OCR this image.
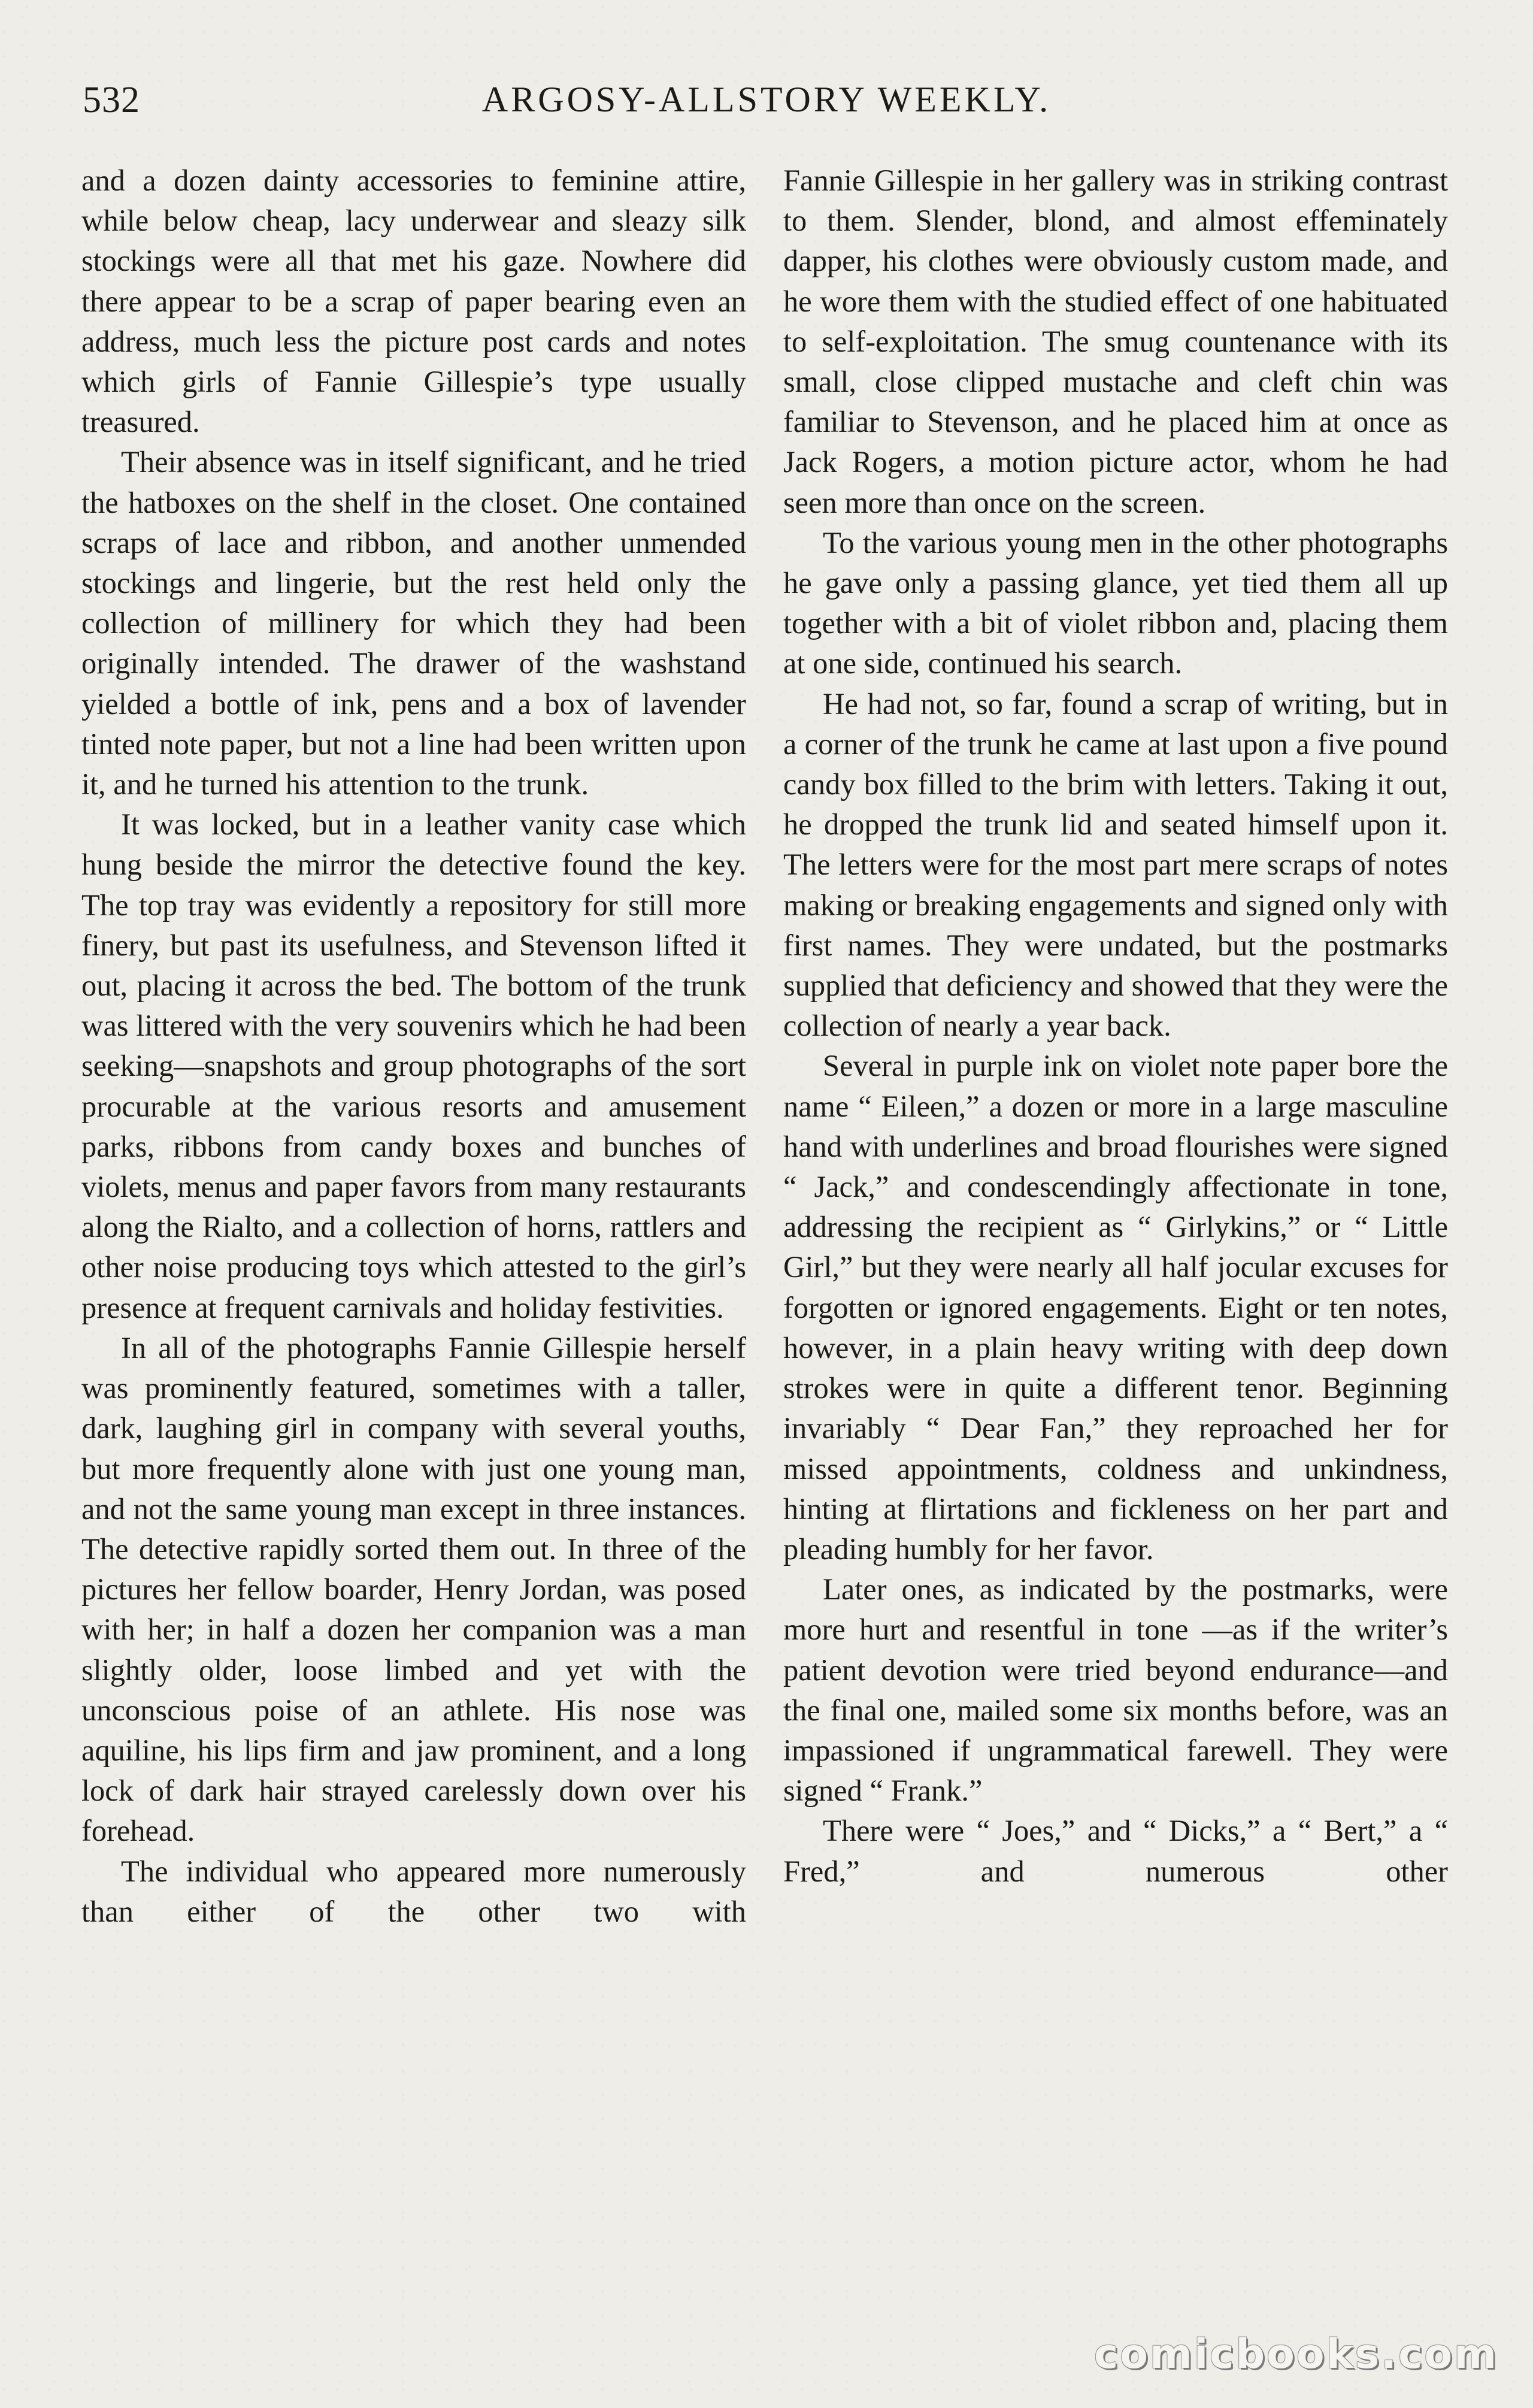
532	ARGOSY-ALLSTORY WEEKLY.

and a dozen dainty accessories to feminine attire, while below cheap, lacy underwear and sleazy silk stockings were all that met his gaze. Nowhere did there appear to be a scrap of paper bearing even an address, much less the picture post cards and notes which girls of Fannie Gillespie’s type usually treasured.

Their absence was in itself significant, and he tried the hatboxes on the shelf in the closet. One contained scraps of lace and ribbon, and another unmended stockings and lingerie, but the rest held only the collection of millinery for which they had been originally intended. The drawer of the washstand yielded a bottle of ink, pens and a box of lavender tinted note paper, but not a line had been written upon it, and he turned his attention to the trunk.

It was locked, but in a leather vanity case which hung beside the mirror the detective found the key. The top tray was evidently a repository for still more finery, but past its usefulness, and Stevenson lifted it out, placing it across the bed. The bottom of the trunk was littered with the very souvenirs which he had been seeking—snapshots and group photographs of the sort procurable at the various resorts and amusement parks, ribbons from candy boxes and bunches of violets, menus and paper favors from many restaurants along the Rialto, and a collection of horns, rattlers and other noise producing toys which attested to the girl’s presence at frequent carnivals and holiday festivities.

In all of the photographs Fannie Gillespie herself was prominently featured, sometimes with a taller, dark, laughing girl in company with several youths, but more frequently alone with just one young man, and not the same young man except in three instances. The detective rapidly sorted them out. In three of the pictures her fellow boarder, Henry Jordan, was posed with her; in half a dozen her companion was a man slightly older, loose limbed and yet with the unconscious poise of an athlete. His nose was aquiline, his lips firm and jaw prominent, and a long lock of dark hair strayed carelessly down over his forehead.

The individual who appeared more numerously than either of the other two with

Fannie Gillespie in her gallery was in striking contrast to them. Slender, blond, and almost effeminately dapper, his clothes were obviously custom made, and he wore them with the studied effect of one habituated to self-exploitation. The smug countenance with its small, close clipped mustache and cleft chin was familiar to Stevenson, and he placed him at once as Jack Rogers, a motion picture actor, whom he had seen more than once on the screen.

To the various young men in the other photographs he gave only a passing glance, yet tied them all up together with a bit of violet ribbon and, placing them at one side, continued his search.

He had not, so far, found a scrap of writing, but in a corner of the trunk he came at last upon a five pound candy box filled to the brim with letters. Taking it out, he dropped the trunk lid and seated himself upon it. The letters were for the most part mere scraps of notes making or breaking engagements and signed only with first names. They were undated, but the postmarks supplied that deficiency and showed that they were the collection of nearly a year back.

Several in purple ink on violet note paper bore the name “ Eileen,” a dozen or more in a large masculine hand with underlines and broad flourishes were signed “ Jack,” and condescendingly affectionate in tone, addressing the recipient as “ Girlykins,” or “ Little Girl,” but they were nearly all half jocular excuses for forgotten or ignored engagements. Eight or ten notes, however, in a plain heavy writing with deep down strokes were in quite a different tenor. Beginning invariably “ Dear Fan,” they reproached her for missed appointments, coldness and unkindness, hinting at flirtations and fickleness on her part and pleading humbly for her favor.

Later ones, as indicated by the postmarks, were more hurt and resentful in tone —as if the writer’s patient devotion were tried beyond endurance—and the final one, mailed some six months before, was an impassioned if ungrammatical farewell. They were signed “ Frank.”

There were “ Joes,” and “ Dicks,” a “ Bert,” a “ Fred,” and numerous other

comicbooks.com
